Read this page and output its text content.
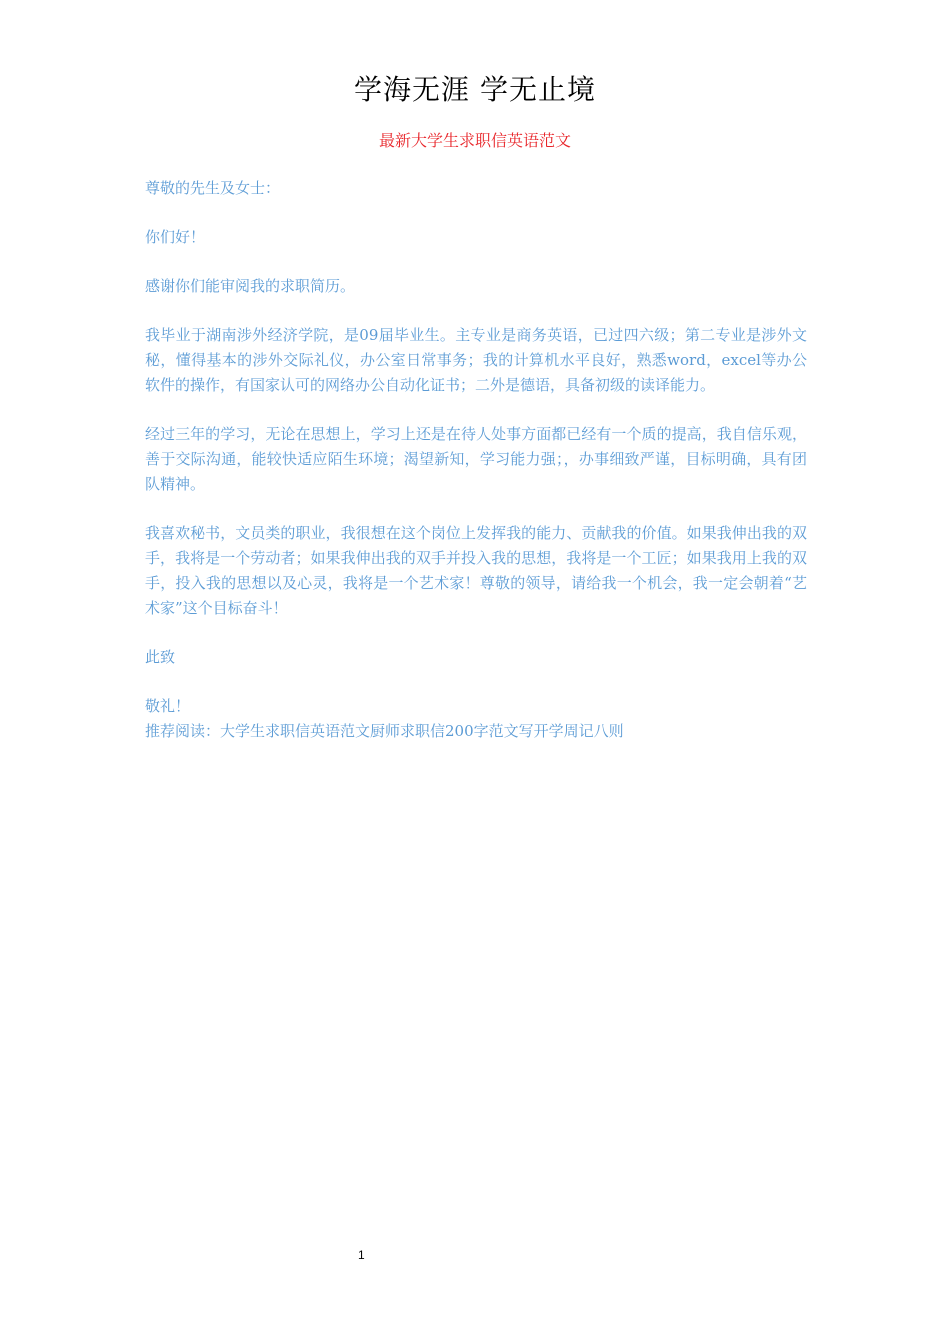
学海无涯 学无止境
最新大学生求职信英语范文

尊敬的先生及女士：

你们好！

感谢你们能审阅我的求职简历。

我毕业于湖南涉外经济学院，是09届毕业生。主专业是商务英语，已过四六级；第二专业是涉外文秘，懂得基本的涉外交际礼仪，办公室日常事务；我的计算机水平良好，熟悉word，excel等办公软件的操作，有国家认可的网络办公自动化证书；二外是德语，具备初级的读译能力。

经过三年的学习，无论在思想上，学习上还是在待人处事方面都已经有一个质的提高，我自信乐观，善于交际沟通，能较快适应陌生环境；渴望新知，学习能力强；，办事细致严谨，目标明确，具有团队精神。

我喜欢秘书，文员类的职业，我很想在这个岗位上发挥我的能力、贡献我的价值。如果我伸出我的双手，我将是一个劳动者；如果我伸出我的双手并投入我的思想，我将是一个工匠；如果我用上我的双手，投入我的思想以及心灵，我将是一个艺术家！尊敬的领导，请给我一个机会，我一定会朝着“艺术家”这个目标奋斗！

此致

敬礼！

推荐阅读：大学生求职信英语范文厨师求职信200字范文写开学周记八则

1
